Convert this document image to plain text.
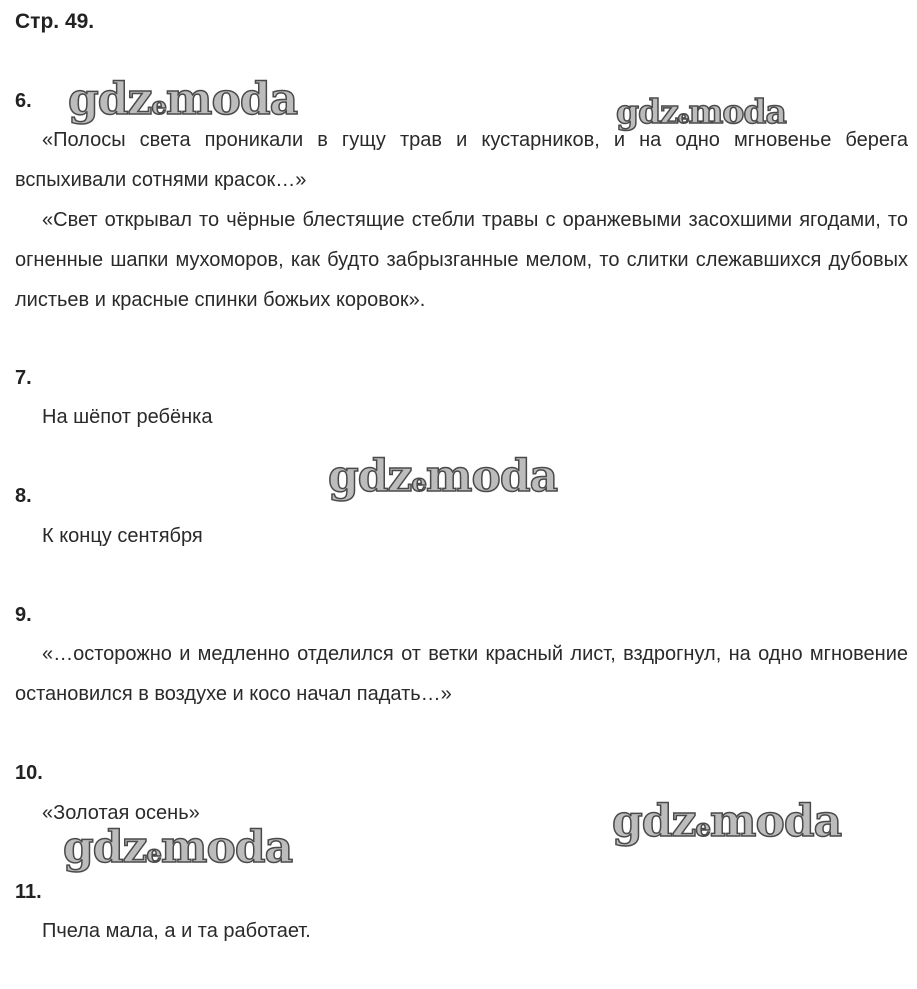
Стр. 49.
6.

«Полосы света проникали в гущу трав и кустарников, и на одно мгновенье берега вспыхивали сотнями красок…»

«Свет открывал то чёрные блестящие стебли травы с оранжевыми засохшими ягодами, то огненные шапки мухоморов, как будто забрызганные мелом, то слитки слежавшихся дубовых листьев и красные спинки божьих коровок».

7.
На шёпот ребёнка
8.
К концу сентября
9.

«…осторожно и медленно отделился от ветки красный лист, вздрогнул, на одно мгновение остановился в воздухе и косо начал падать…»

10.
«Золотая осень»
11.
Пчела мала, а и та работает.
gdzemoda	gdzemoda
gdzemoda
gdzemoda
gdzemoda
